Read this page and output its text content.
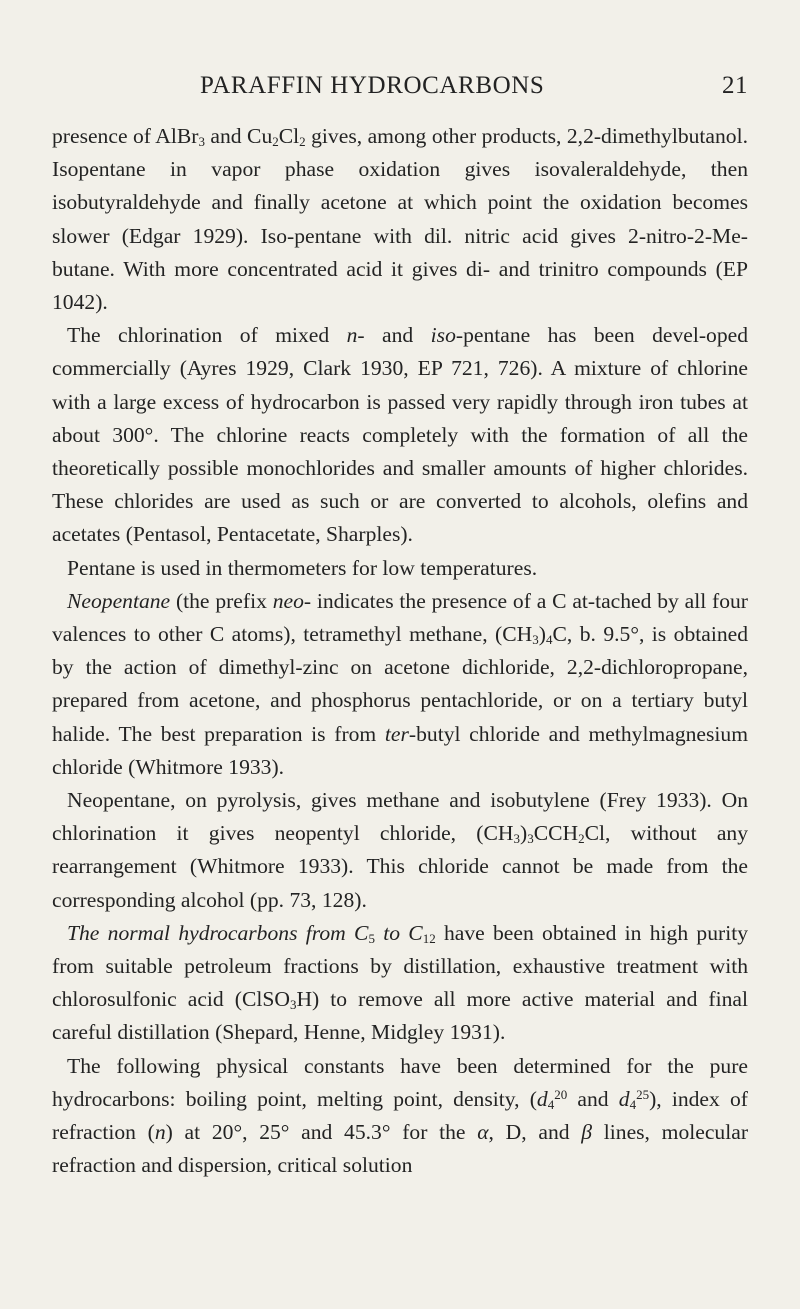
PARAFFIN HYDROCARBONS	21

presence of AlBr$_3$ and $Cu_2Cl_2$ gives, among other products, 2,2-dimethylbutanol. Isopentane in vapor phase oxidation gives isovaleraldehyde, then isobutyraldehyde and finally acetone at which point the oxidation becomes slower (Edgar 1929). Iso-pentane with dil. nitric acid gives 2-nitro-2-Me-butane. With more concentrated acid it gives di- and trinitro compounds (EP 1042).

The chlorination of mixed n- and iso-pentane has been devel-oped commercially (Ayres 1929, Clark 1930, EP 721, 726). A mixture of chlorine with a large excess of hydrocarbon is passed very rapidly through iron tubes at about 300°. The chlorine reacts completely with the formation of all the theoretically possible monochlorides and smaller amounts of higher chlorides. These chlorides are used as such or are converted to alcohols, olefins and acetates (Pentasol, Pentacetate, Sharples).

Pentane is used in thermometers for low temperatures.

Neopentane (the prefix neo- indicates the presence of a C at-tached by all four valences to other C atoms), tetramethyl methane, $(CH_3)_4C$, b. 9.5°, is obtained by the action of dimethyl-zinc on acetone dichloride, 2,2-dichloropropane, prepared from acetone, and phosphorus pentachloride, or on a tertiary butyl halide. The best preparation is from ter-butyl chloride and methylmagnesium chloride (Whitmore 1933).

Neopentane, on pyrolysis, gives methane and isobutylene (Frey 1933). On chlorination it gives neopentyl chloride, $(CH_3)_3CCH_2Cl$, without any rearrangement (Whitmore 1933). This chloride cannot be made from the corresponding alcohol (pp. 73, 128).

The normal hydrocarbons from $C_5$ to $C_{12}$ have been obtained in high purity from suitable petroleum fractions by distillation, exhaustive treatment with chlorosulfonic acid (ClSO$_3$H) to remove all more active material and final careful distillation (Shepard, Henne, Midgley 1931).

The following physical constants have been determined for the pure hydrocarbons: boiling point, melting point, density, ($d_4^{20}$ and $d_4^{25}$), index of refraction (n) at 20°, 25° and 45.3° for the α, D, and β lines, molecular refraction and dispersion, critical solution
